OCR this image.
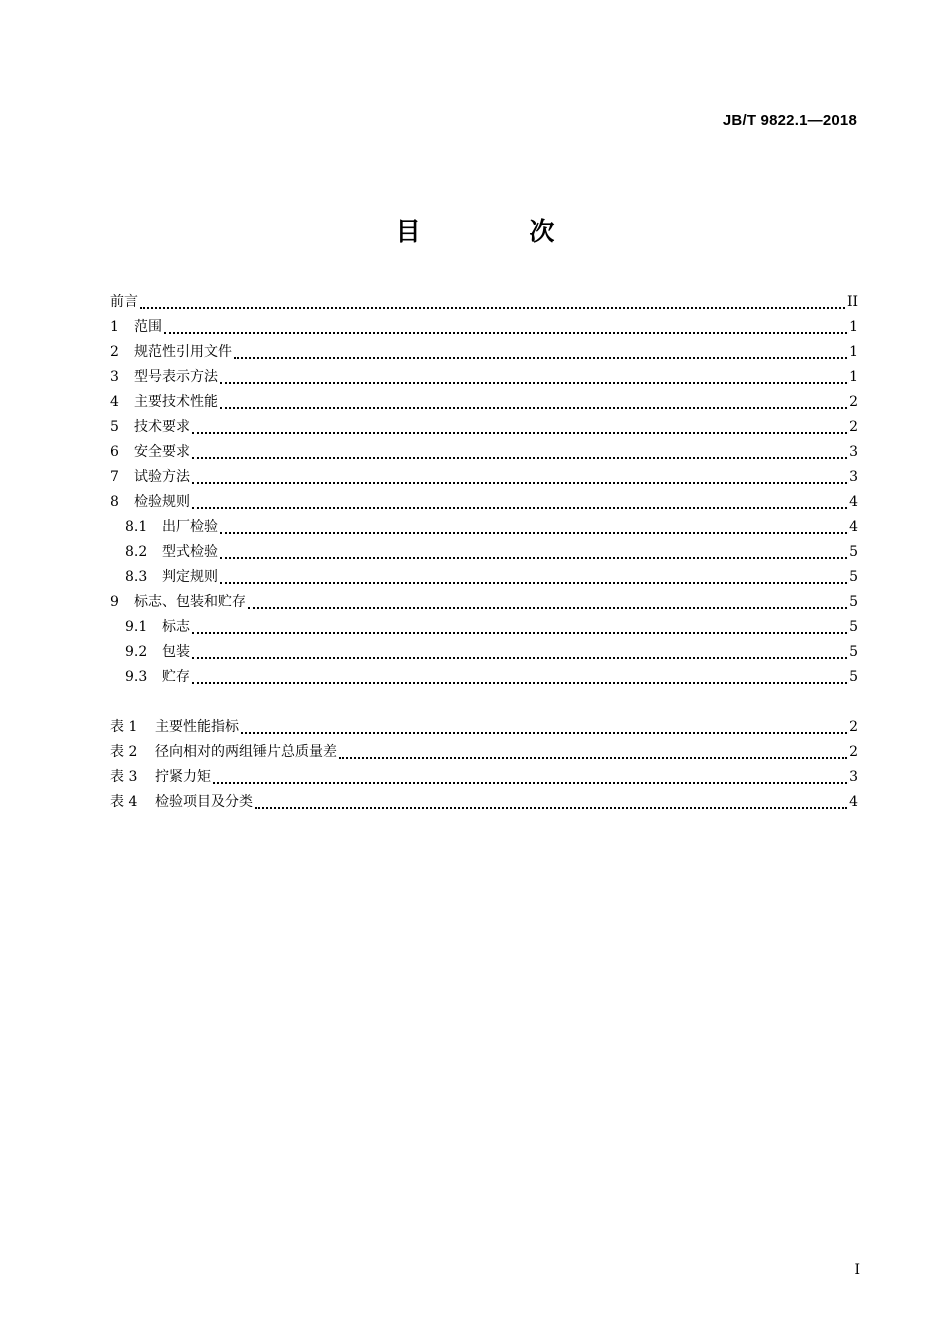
JB/T 9822.1—2018
目 次
前言	II
1	范围	1
2	规范性引用文件	1
3	型号表示方法	1
4	主要技术性能	2
5	技术要求	2
6	安全要求	3
7	试验方法	3
8	检验规则	4
8.1	出厂检验	4
8.2	型式检验	5
8.3	判定规则	5
9	标志、包装和贮存	5
9.1	标志	5
9.2	包装	5
9.3	贮存	5
表 1	主要性能指标	2
表 2	径向相对的两组锤片总质量差	2
表 3	拧紧力矩	3
表 4	检验项目及分类	4
I
